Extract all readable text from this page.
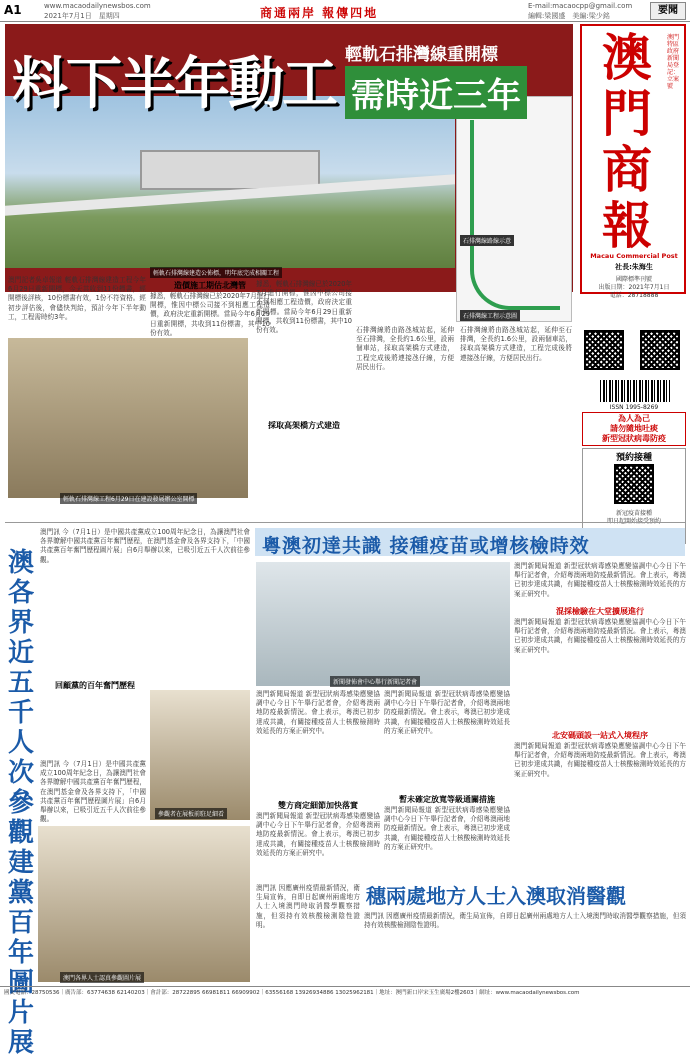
A1	www.macaodailynewsbos.com
2021年7月1日　星期四	商通兩岸 報傳四地	E-mail:macaocpp@gmail.com
編輯:梁國盛　美編:梁少銘	要聞
料下半年動工 輕軌石排灣線重開標
需時近三年
輕軌石排灣線建造公佈標，明年底完成相關工程
石排灣線路線示意
石排灣線工程示意圖
澳門商報
澳門特區政府新聞局登記：立案號
Macau Commercial Post
社長:朱海生
國際標準刊號
出版日期：2021年7月1日
電話：28718888
ISSN 1995-8269
為人為己
請勿隨地吐痰
新型冠狀病毒防疫
預約接種
新冠疫苗接種

澳門記者吳卓報道 輕軌石排灣線建造工程今年6月29日重新開標，今天共收到11份標書，經開標後評核，10份標書有效，1份不符資格。經初步評估後，會儘快判給，預計今年下半年動工，工程需時約3年。
輕軌石排灣線工程6月29日在建設發展辦公室開標
造價施工期估北灣管
據悉，輕軌石排灣線已於2020年7月進行開標，惟因中標公司接不到相應工程造價，政府決定重新開標。當局今年6月29日重新開標，共收到11份標書，其中10份有效。
據悉，輕軌石排灣線已於2020年7月進行開標，惟因中標公司接不到相應工程造價，政府決定重新開標。當局今年6月29日重新開標，共收到11份標書，其中10份有效。
採取高架橋方式建造
石排灣線將由路氹城站起，延伸至石排灣，全長約1.6公里，設兩個車站，採取高架橋方式建造，工程完成後將連接氹仔線，方便居民出行。
石排灣線將由路氹城站起，延伸至石排灣，全長約1.6公里，設兩個車站，採取高架橋方式建造，工程完成後將連接氹仔線，方便居民出行。
澳各界近五千人次參觀建黨百年圖片展
澳門訊 今（7月1日）是中國共產黨成立100周年紀念日，為讓澳門社會各界瞭解中國共產黨百年奮鬥歷程，在澳門基金會及各界支持下，「中國共產黨百年奮鬥歷程圖片展」自6月舉辦以來，已吸引近五千人次前往參觀。
回顧黨的百年奮鬥歷程
參觀者在展板前駐足細看
澳門訊 今（7月1日）是中國共產黨成立100周年紀念日，為讓澳門社會各界瞭解中國共產黨百年奮鬥歷程，在澳門基金會及各界支持下，「中國共產黨百年奮鬥歷程圖片展」自6月舉辦以來，已吸引近五千人次前往參觀。
澳門各界人士認真參觀圖片展
粵澳初達共識 接種疫苗或增核檢時效
新聞發佈會中心舉行新聞記者會
澳門新聞局報道 新型冠狀病毒感染應變協調中心今日下午舉行記者會，介紹粵澳兩地防疫最新情況。會上表示，粵澳已初步達成共識，有關接種疫苗人士核酸檢測時效延長的方案正研究中。
混採檢驗在大堂擴展進行
澳門新聞局報道 新型冠狀病毒感染應變協調中心今日下午舉行記者會，介紹粵澳兩地防疫最新情況。會上表示，粵澳已初步達成共識，有關接種疫苗人士核酸檢測時效延長的方案正研究中。
北安碼頭設一站式入境程序
澳門新聞局報道 新型冠狀病毒感染應變協調中心今日下午舉行記者會，介紹粵澳兩地防疫最新情況。會上表示，粵澳已初步達成共識，有關接種疫苗人士核酸檢測時效延長的方案正研究中。
澳門新聞局報道 新型冠狀病毒感染應變協調中心今日下午舉行記者會，介紹粵澳兩地防疫最新情況。會上表示，粵澳已初步達成共識，有關接種疫苗人士核酸檢測時效延長的方案正研究中。
雙方商定細節加快落實
澳門新聞局報道 新型冠狀病毒感染應變協調中心今日下午舉行記者會，介紹粵澳兩地防疫最新情況。會上表示，粵澳已初步達成共識，有關接種疫苗人士核酸檢測時效延長的方案正研究中。
澳門新聞局報道 新型冠狀病毒感染應變協調中心今日下午舉行記者會，介紹粵澳兩地防疫最新情況。會上表示，粵澳已初步達成共識，有關接種疫苗人士核酸檢測時效延長的方案正研究中。
暫未確定放寬等級通關措施
澳門新聞局報道 新型冠狀病毒感染應變協調中心今日下午舉行記者會，介紹粵澳兩地防疫最新情況。會上表示，粵澳已初步達成共識，有關接種疫苗人士核酸檢測時效延長的方案正研究中。
澳門訊 因應廣州疫情最新情況，衛生局宣佈，自即日起廣州兩處地方人士入境澳門時取消醫學觀察措施，但須持有效核酸檢測陰性證明。
穗兩處地方人士入澳取消醫觀
澳門訊 因應廣州疫情最新情況，衛生局宣佈，自即日起廣州兩處地方人士入境澳門時取消醫學觀察措施，但須持有效核酸檢測陰性證明。
國文電話：28750536｜廣告部：63774638 62140203｜會計部：28722895 66981811 66909902｜63556168 13926934886 13025962181｜地址：澳門新口岸宋玉生廣場2樓2603｜網址：www.macaodailynewsbos.com
